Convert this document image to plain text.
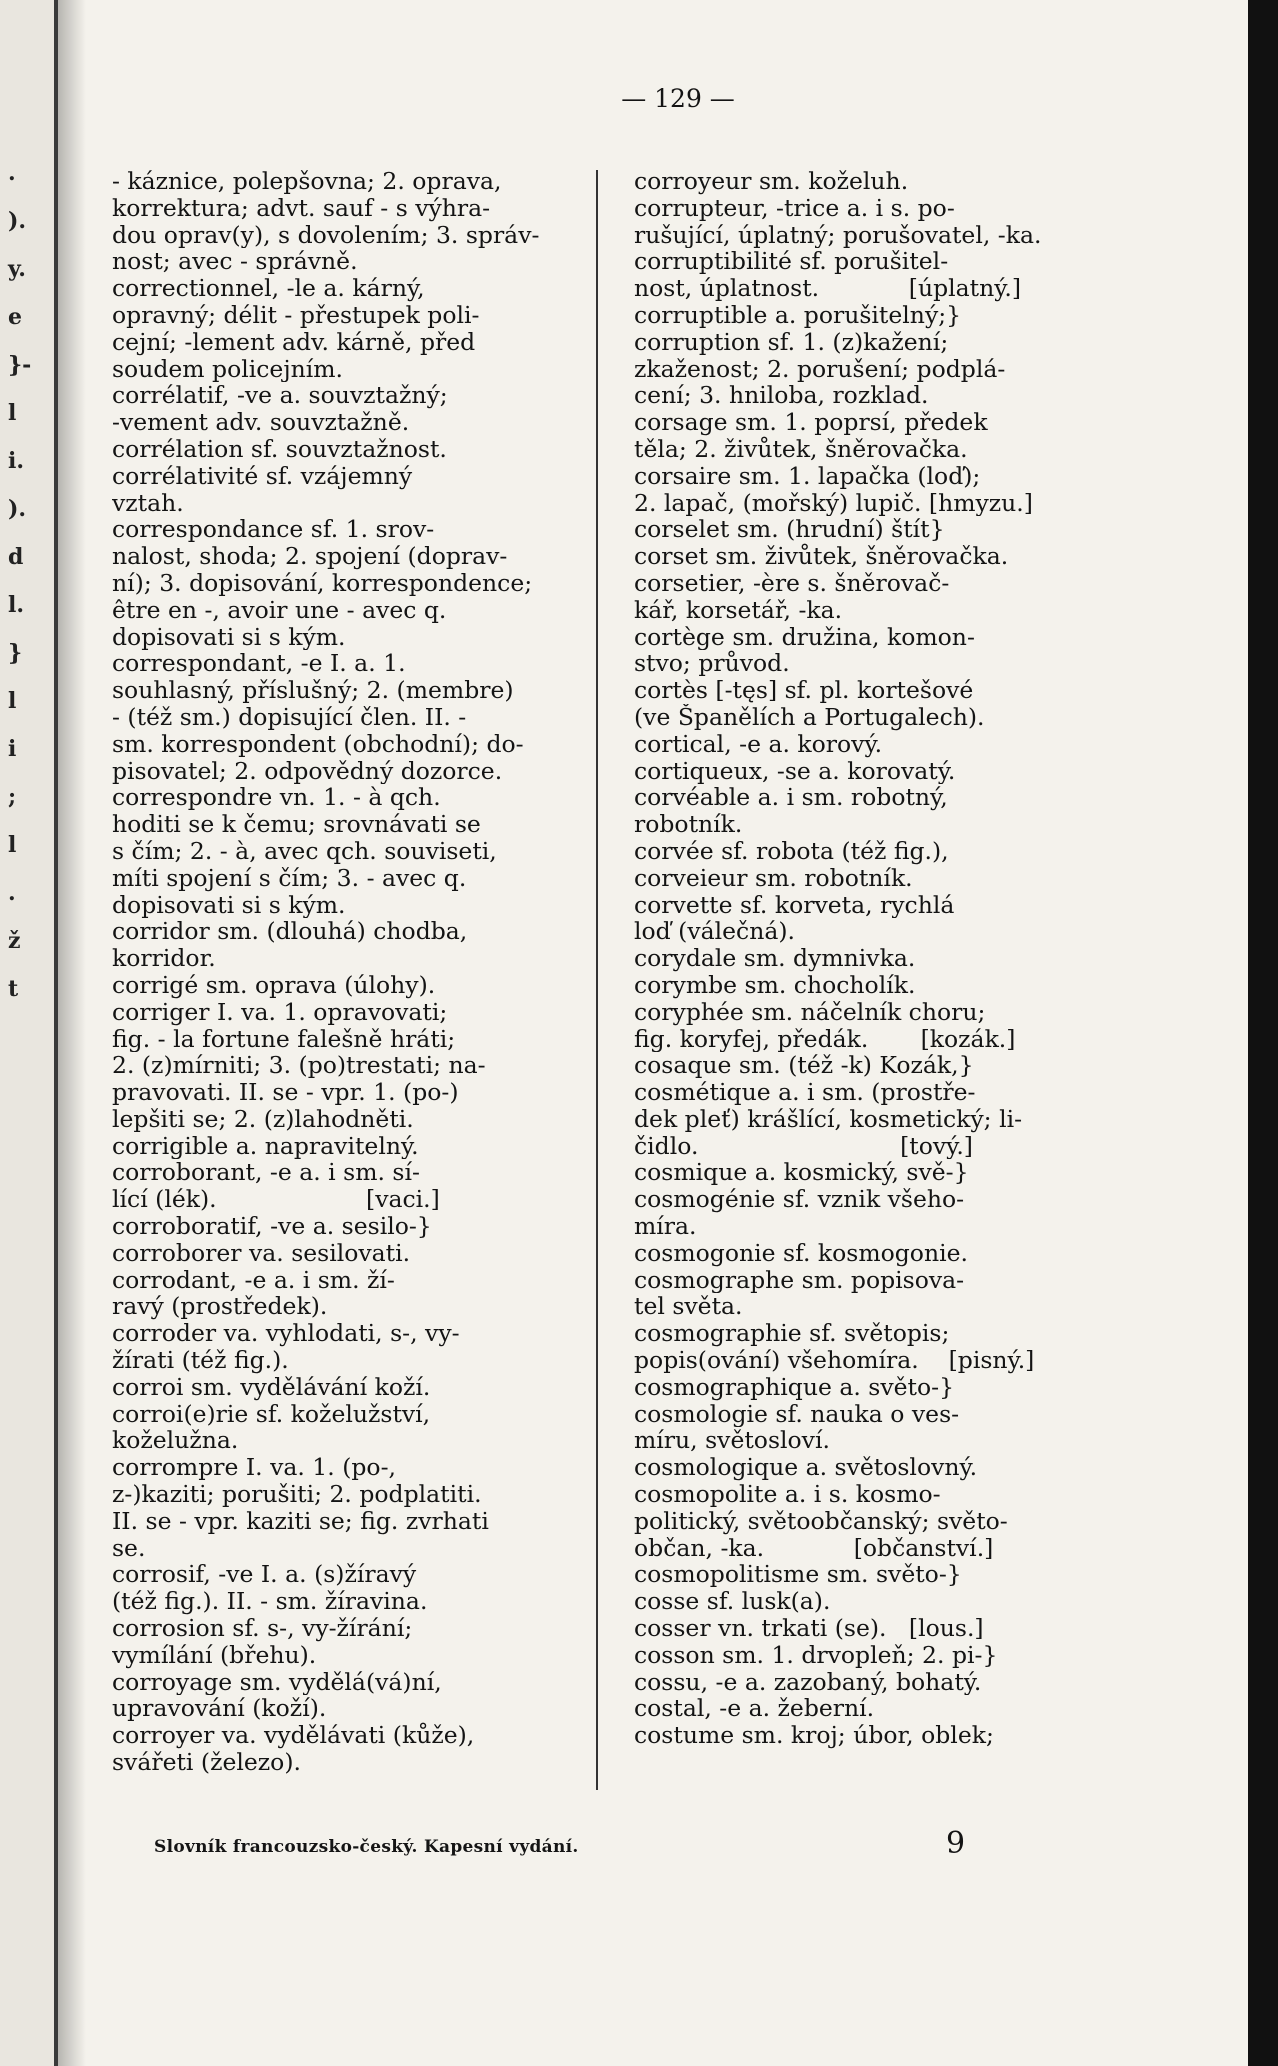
.
).
y.
e
}-
l
i.
).
d
l.
}
l
i
;
l
.
ž
t
— 129 —
- káznice, polepšovna; 2. oprava,
korrektura; advt. sauf - s výhra-
dou oprav(y), s dovolením; 3. správ-
nost; avec - správně.
correctionnel, -le a. kárný,
opravný; délit - přestupek poli-
cejní; -lement adv. kárně, před
soudem policejním.
corrélatif, -ve a. souvztažný;
-vement adv. souvztažně.
corrélation sf. souvztažnost.
corrélativité sf. vzájemný
vztah.
correspondance sf. 1. srov-
nalost, shoda; 2. spojení (doprav-
ní); 3. dopisování, korrespondence;
être en -, avoir une - avec q.
dopisovati si s kým.
correspondant, -e I. a. 1.
souhlasný, příslušný; 2. (membre)
- (též sm.) dopisující člen. II. -
sm. korrespondent (obchodní); do-
pisovatel; 2. odpovědný dozorce.
correspondre vn. 1. - à qch.
hoditi se k čemu; srovnávati se
s čím; 2. - à, avec qch. souviseti,
míti spojení s čím; 3. - avec q.
dopisovati si s kým.
corridor sm. (dlouhá) chodba,
korridor.
corrigé sm. oprava (úlohy).
corriger I. va. 1. opravovati;
fig. - la fortune falešně hráti;
2. (z)mírniti; 3. (po)trestati; na-
pravovati. II. se - vpr. 1. (po-)
lepšiti se; 2. (z)lahodněti.
corrigible a. napravitelný.
corroborant, -e a. i sm. sí-
lící (lék).                    [vaci.]
corroboratif, -ve a. sesilo-}
corroborer va. sesilovati.
corrodant, -e a. i sm. ží-
ravý (prostředek).
corroder va. vyhlodati, s-, vy-
žírati (též fig.).
corroi sm. vydělávání koží.
corroi(e)rie sf. koželužství,
koželužna.
corrompre I. va. 1. (po-,
z-)kaziti; porušiti; 2. podplatiti.
II. se - vpr. kaziti se; fig. zvrhati
se.
corrosif, -ve I. a. (s)žíravý
(též fig.). II. - sm. žíravina.
corrosion sf. s-, vy-žírání;
vymílání (břehu).
corroyage sm. vydělá(vá)ní,
upravování (koží).
corroyer va. vydělávati (kůže),
svářeti (železo).
corroyeur sm. koželuh.
corrupteur, -trice a. i s. po-
rušující, úplatný; porušovatel, -ka.
corruptibilité sf. porušitel-
nost, úplatnost.            [úplatný.]
corruptible a. porušitelný;}
corruption sf. 1. (z)kažení;
zkaženost; 2. porušení; podplá-
cení; 3. hniloba, rozklad.
corsage sm. 1. poprsí, předek
těla; 2. živůtek, šněrovačka.
corsaire sm. 1. lapačka (loď);
2. lapač, (mořský) lupič. [hmyzu.]
corselet sm. (hrudní) štít}
corset sm. živůtek, šněrovačka.
corsetier, -ère s. šněrovač-
kář, korsetář, -ka.
cortège sm. družina, komon-
stvo; průvod.
cortès [-tęs] sf. pl. kortešové
(ve Španělích a Portugalech).
cortical, -e a. korový.
cortiqueux, -se a. korovatý.
corvéable a. i sm. robotný,
robotník.
corvée sf. robota (též fig.),
corveieur sm. robotník.
corvette sf. korveta, rychlá
loď (válečná).
corydale sm. dymnivka.
corymbe sm. chocholík.
coryphée sm. náčelník choru;
fig. koryfej, předák.       [kozák.]
cosaque sm. (též -k) Kozák,}
cosmétique a. i sm. (prostře-
dek pleť) krášlící, kosmetický; li-
čidlo.                           [tový.]
cosmique a. kosmický, svě-}
cosmogénie sf. vznik všeho-
míra.
cosmogonie sf. kosmogonie.
cosmographe sm. popisova-
tel světa.
cosmographie sf. světopis;
popis(ování) všehomíra.    [pisný.]
cosmographique a. světo-}
cosmologie sf. nauka o ves-
míru, světosloví.
cosmologique a. světoslovný.
cosmopolite a. i s. kosmo-
politický, světoobčanský; světo-
občan, -ka.            [občanství.]
cosmopolitisme sm. světo-}
cosse sf. lusk(a).
cosser vn. trkati (se).   [lous.]
cosson sm. 1. drvopleň; 2. pi-}
cossu, -e a. zazobaný, bohatý.
costal, -e a. žeberní.
costume sm. kroj; úbor, oblek;
Slovník francouzsko-český. Kapesní vydání.	9
